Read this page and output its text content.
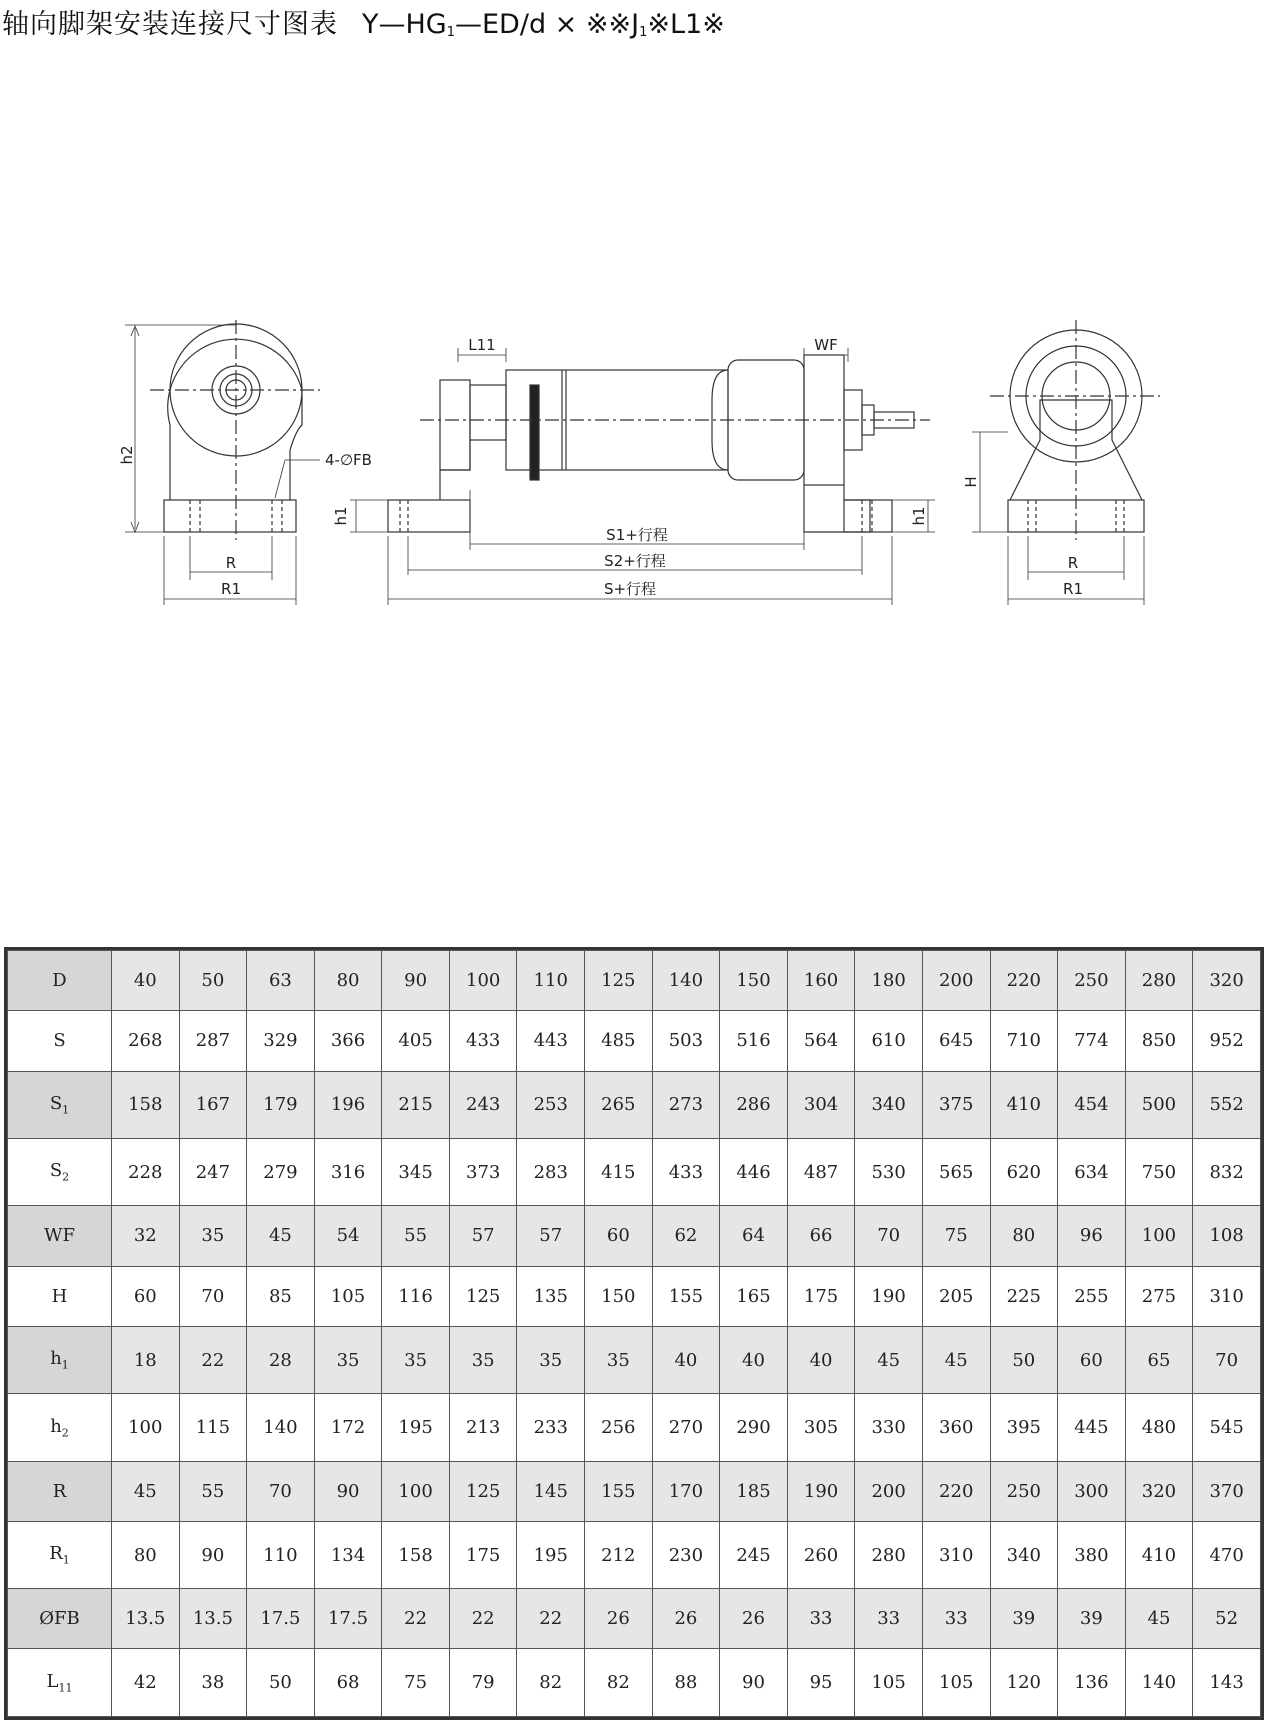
轴向脚架安装连接尺寸图表 $Y—HG_1—ED/d$ × $※※J_1※L1※$
h2	4-∅FB
R
R1
L11	WF
h1	h1
S1+行程
S2+行程
S+行程
H
R
R1
D	40	50	63	80	90	100	110	125	140	150	160	180	200	220	250	280	320
S	268	287	329	366	405	433	443	485	503	516	564	610	645	710	774	850	952
$S_1$	158	167	179	196	215	243	253	265	273	286	304	340	375	410	454	500	552
$S_2$	228	247	279	316	345	373	283	415	433	446	487	530	565	620	634	750	832
WF	32	35	45	54	55	57	57	60	62	64	66	70	75	80	96	100	108
H	60	70	85	105	116	125	135	150	155	165	175	190	205	225	255	275	310
$h_1$	18	22	28	35	35	35	35	35	40	40	40	45	45	50	60	65	70
$h_2$	100	115	140	172	195	213	233	256	270	290	305	330	360	395	445	480	545
R	45	55	70	90	100	125	145	155	170	185	190	200	220	250	300	320	370
$R_1$	80	90	110	134	158	175	195	212	230	245	260	280	310	340	380	410	470
ØFB	13.5	13.5	17.5	17.5	22	22	22	26	26	26	33	33	33	39	39	45	52
$L_{11}$	42	38	50	68	75	79	82	82	88	90	95	105	105	120	136	140	143
